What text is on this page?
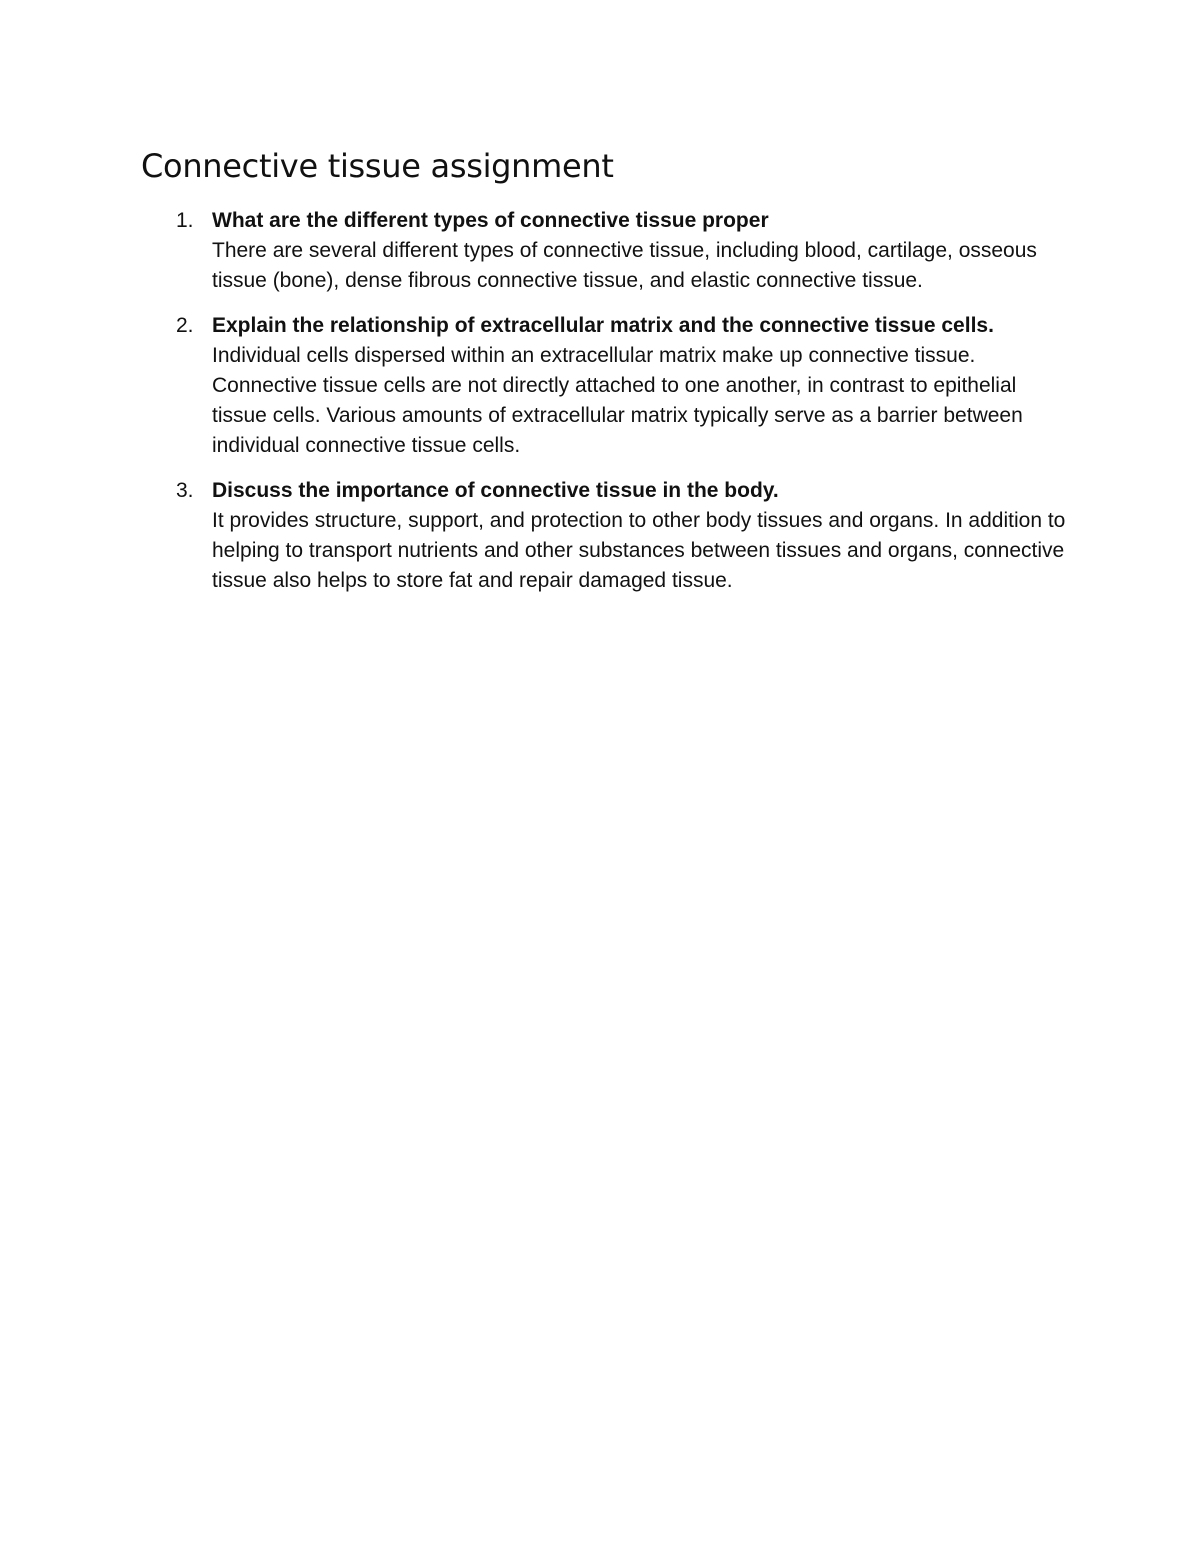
Connective tissue assignment
1. What are the different types of connective tissue proper
There are several different types of connective tissue, including blood, cartilage, osseous tissue (bone), dense fibrous connective tissue, and elastic connective tissue.
2. Explain the relationship of extracellular matrix and the connective tissue cells.
Individual cells dispersed within an extracellular matrix make up connective tissue. Connective tissue cells are not directly attached to one another, in contrast to epithelial tissue cells. Various amounts of extracellular matrix typically serve as a barrier between individual connective tissue cells.
3. Discuss the importance of connective tissue in the body.
It provides structure, support, and protection to other body tissues and organs. In addition to helping to transport nutrients and other substances between tissues and organs, connective tissue also helps to store fat and repair damaged tissue.
